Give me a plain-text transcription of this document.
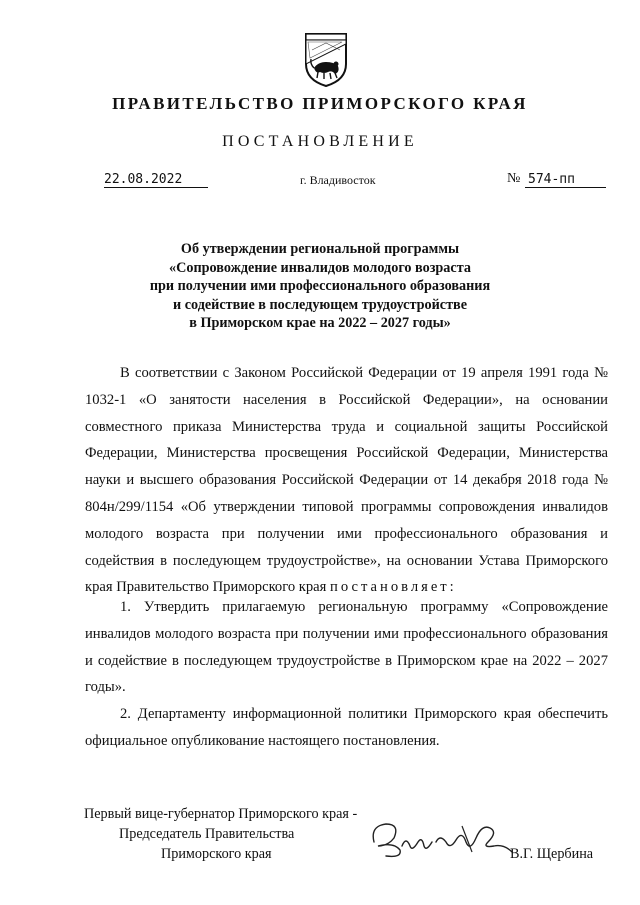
ПРАВИТЕЛЬСТВО ПРИМОРСКОГО КРАЯ
ПОСТАНОВЛЕНИЕ
22.08.2022	г. Владивосток	№ 574-пп
Об утверждении региональной программы
«Сопровождение инвалидов молодого возраста
при получении ими профессионального образования
и содействие в последующем трудоустройстве
в Приморском крае на 2022 – 2027 годы»
В соответствии с Законом Российской Федерации от 19 апреля 1991 года № 1032-1 «О занятости населения в Российской Федерации», на основании совместного приказа Министерства труда и социальной защиты Российской Федерации, Министерства просвещения Российской Федерации, Министерства науки и высшего образования Российской Федерации от 14 декабря 2018 года № 804н/299/1154 «Об утверждении типовой программы сопровождения инвалидов молодого возраста при получении ими профессионального образования и содействия в последующем трудоустройстве», на основании Устава Приморского края Правительство Приморского края постановляет:
1. Утвердить прилагаемую региональную программу «Сопровождение инвалидов молодого возраста при получении ими профессионального образования и содействие в последующем трудоустройстве в Приморском крае на 2022 – 2027 годы».
2. Департаменту информационной политики Приморского края обеспечить официальное опубликование настоящего постановления.
Первый вице-губернатор Приморского края -
Председатель Правительства
Приморского края	В.Г. Щербина
